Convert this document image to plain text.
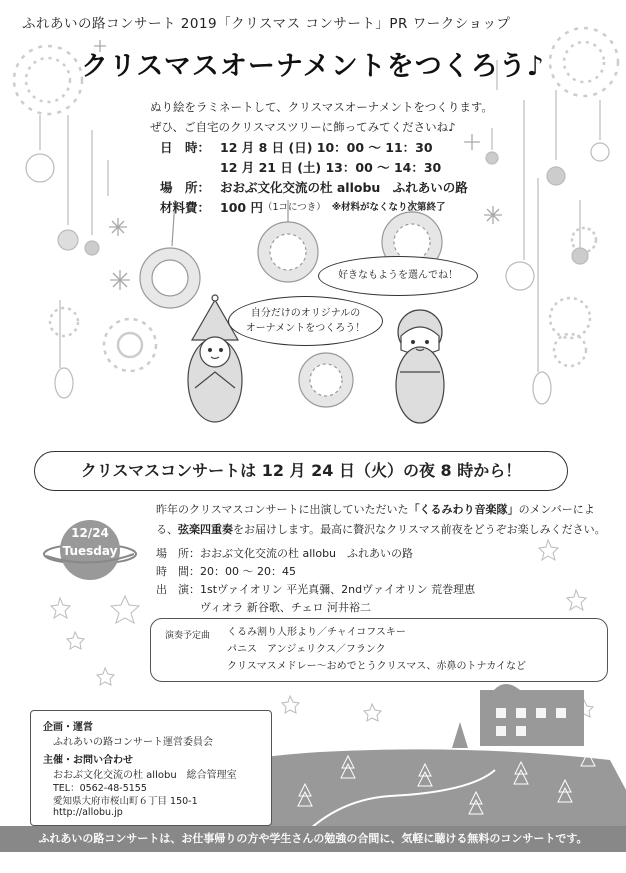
ふれあいの路コンサート 2019「クリスマス コンサート」PR ワークショップ
クリスマスオーナメントをつくろう♪
ぬり絵をラミネートして、クリスマスオーナメントをつくります。
ぜひ、ご自宅のクリスマスツリーに飾ってみてくださいね♪
日　時： 12 月 8 日 (日) 10：00 〜 11：30
12 月 21 日 (土) 13：00 〜 14：30
場　所： おおぶ文化交流の杜 allobu　ふれあいの路
材料費： 100 円 （1コにつき） ※材料がなくなり次第終了
好きなもようを選んでね！
自分だけのオリジナルの
オーナメントをつくろう！
クリスマスコンサートは 12 月 24 日（火）の夜 8 時から！
12/24
Tuesday
昨年のクリスマスコンサートに出演していただいた「くるみわり音楽隊」のメンバーによる、弦楽四重奏をお届けします。最高に贅沢なクリスマス前夜をどうぞお楽しみください。
場　所： おおぶ文化交流の杜 allobu　ふれあいの路
時　間： 20：00 〜 20：45
出　演： 1stヴァイオリン 平光真彌、2ndヴァイオリン 荒巻理恵
ヴィオラ 新谷歌、チェロ 河井裕二
演奏予定曲 くるみ割り人形より／チャイコフスキー
パニス　アンジェリクス／フランク
クリスマスメドレー〜おめでとうクリスマス、赤鼻のトナカイなど
企画・運営
ふれあいの路コンサート運営委員会
主催・お問い合わせ
おおぶ文化交流の杜 allobu　総合管理室
TEL：0562-48-5155
愛知県大府市桜山町６丁目 150-1
http://allobu.jp
ふれあいの路コンサートは、お仕事帰りの方や学生さんの勉強の合間に、気軽に聴ける無料のコンサートです。
